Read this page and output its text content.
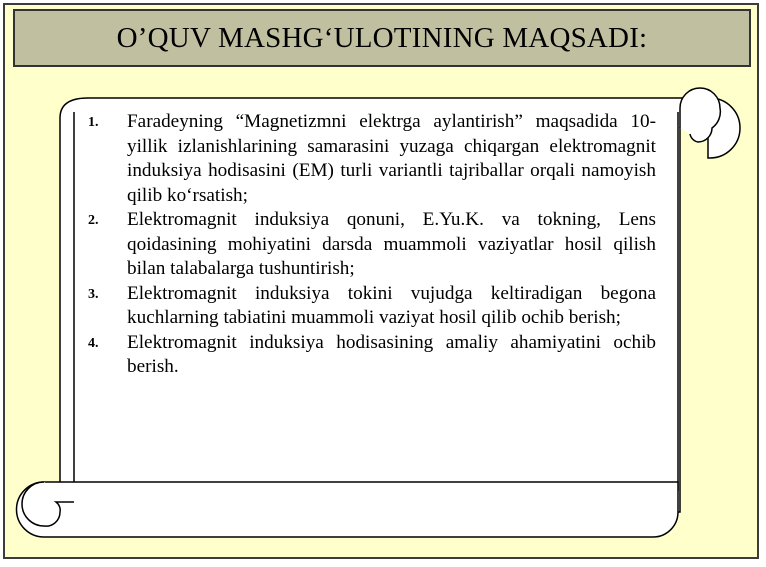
O’QUV MASHG‘ULOTINING MAQSADI:
1.	Faradeyning “Magnetizmni elektrga aylantirish” maqsadida 10-yillik izlanishlarining samarasini yuzaga chiqargan elektromagnit induksiya hodisasini (EM) turli variantli tajriballar orqali namoyish qilib ko‘rsatish;
2.	Elektromagnit induksiya qonuni, E.Yu.K. va tokning, Lens qoidasining mohiyatini darsda muammoli vaziyatlar hosil qilish bilan talabalarga tushuntirish;
3.	Elektromagnit induksiya tokini vujudga keltiradigan begona kuchlarning tabiatini muammoli vaziyat hosil qilib ochib berish;
4.	Elektromagnit induksiya hodisasining amaliy ahamiyatini ochib berish.
